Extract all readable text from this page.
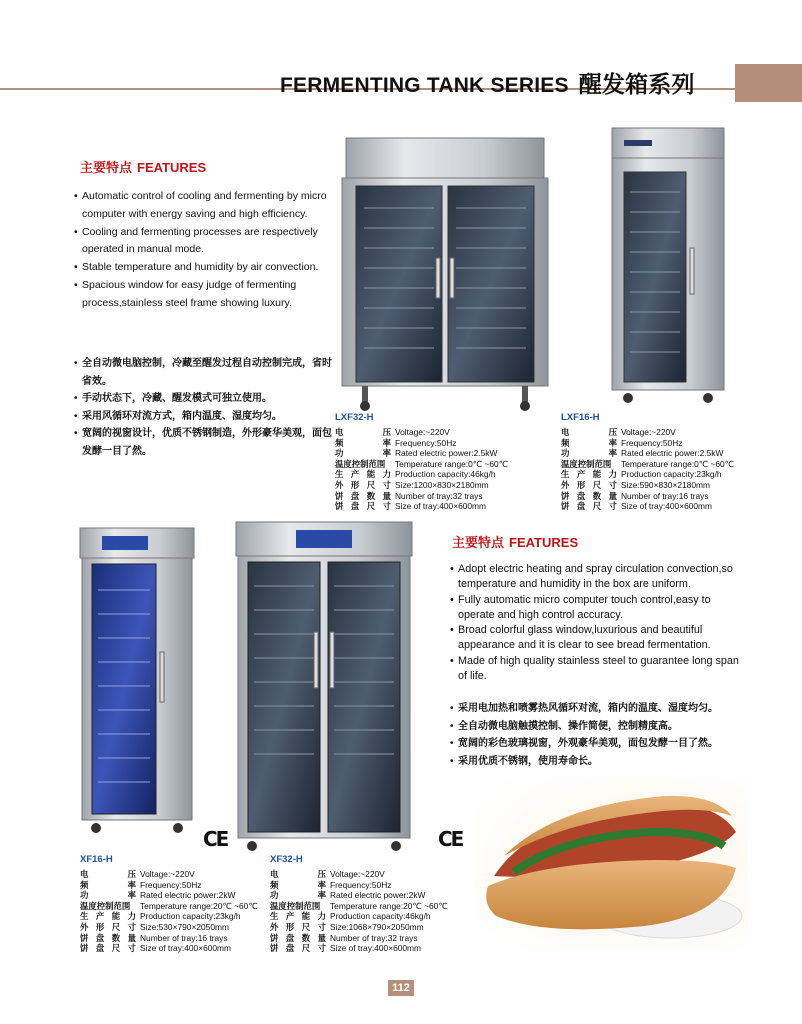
FERMENTING TANK SERIES 醒发箱系列
主要特点 FEATURES
• Automatic control of cooling and fermenting by micro computer with energy saving and high efficiency.
• Cooling and fermenting processes are respectively operated in manual mode.
• Stable temperature and humidity by air convection.
• Spacious window for easy judge of fermenting process,stainless steel frame showing luxury.
• 全自动微电脑控制，冷藏至醒发过程自动控制完成，省时省效。
• 手动状态下，冷藏、醒发模式可独立使用。
• 采用风循环对流方式，箱内温度、湿度均匀。
• 宽阔的视窗设计，优质不锈钢制造，外形豪华美观，面包发酵一目了然。
LXF32-H
电	压 Voltage:~220V
频	率 Frequency:50Hz
功	率 Rated electric power:2.5kW
温度控制范围 Temperature range:0℃ ~60℃
生 产 能 力 Production capacity:46kg/h
外 形 尺 寸 Size:1200×830×2180mm
饼 盘 数 量 Number of tray:32 trays
饼 盘 尺 寸 Size of tray:400×600mm
LXF16-H
电	压 Voltage:~220V
频	率 Frequency:50Hz
功	率 Rated electric power:2.5kW
温度控制范围 Temperature range:0℃ ~60℃
生 产 能 力 Production capacity:23kg/h
外 形 尺 寸 Size:590×830×2180mm
饼 盘 数 量 Number of tray:16 trays
饼 盘 尺 寸 Size of tray:400×600mm
XF16-H
电	压 Voltage:~220V
频	率 Frequency:50Hz
功	率 Rated electric power:2kW
温度控制范围 Temperature range:20℃ ~60℃
生 产 能 力 Production capacity:23kg/h
外 形 尺 寸 Size:530×790×2050mm
饼 盘 数 量 Number of tray:16 trays
饼 盘 尺 寸 Size of tray:400×600mm
XF32-H
电	压 Voltage:~220V
频	率 Frequency:50Hz
功	率 Rated electric power:2kW
温度控制范围 Temperature range:20℃ ~60℃
生 产 能 力 Production capacity:46kg/h
外 形 尺 寸 Size:1068×790×2050mm
饼 盘 数 量 Number of tray:32 trays
饼 盘 尺 寸 Size of tray:400×600mm
CE	CE
主要特点 FEATURES
• Adopt electric heating and spray circulation convection,so temperature and humidity in the box are uniform.
• Fully automatic micro computer touch control,easy to operate and high control accuracy.
• Broad colorful glass window,luxurious and beautiful appearance and it is clear to see bread fermentation.
• Made of high quality stainless steel to guarantee long span of life.
• 采用电加热和喷雾热风循环对流，箱内的温度、湿度均匀。
• 全自动微电脑触摸控制、操作简便，控制精度高。
• 宽阔的彩色玻璃视窗，外观豪华美观，面包发酵一目了然。
• 采用优质不锈钢，使用寿命长。
112
